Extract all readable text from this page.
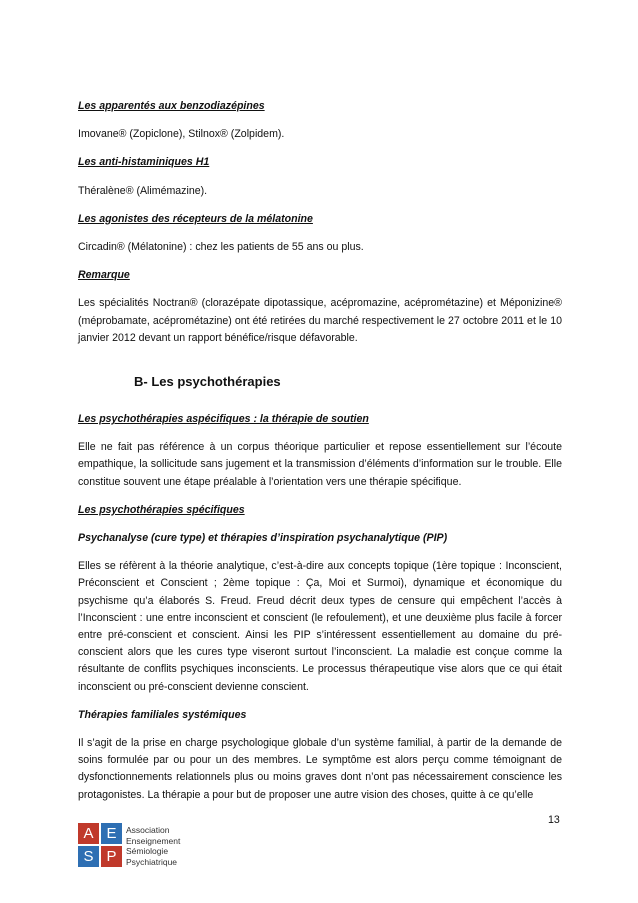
Les apparentés aux benzodiazépines
Imovane® (Zopiclone), Stilnox® (Zolpidem).
Les anti-histaminiques H1
Théralène® (Alimémazine).
Les agonistes des récepteurs de la mélatonine
Circadin® (Mélatonine) : chez les patients de 55 ans ou plus.
Remarque
Les spécialités Noctran® (clorazépate dipotassique, acépromazine, acéprométazine) et Méponizine® (méprobamate, acéprométazine) ont été retirées du marché respectivement le 27 octobre 2011 et le 10 janvier 2012 devant un rapport bénéfice/risque défavorable.
B- Les psychothérapies
Les psychothérapies aspécifiques : la thérapie de soutien
Elle ne fait pas référence à un corpus théorique particulier et repose essentiellement sur l’écoute empathique, la sollicitude sans jugement et la transmission d’éléments d’information sur le trouble. Elle constitue souvent une étape préalable à l’orientation vers une thérapie spécifique.
Les psychothérapies spécifiques
Psychanalyse (cure type) et thérapies d’inspiration psychanalytique (PIP)
Elles se réfèrent à la théorie analytique, c’est-à-dire aux concepts topique (1ère topique : Inconscient, Préconscient et Conscient ; 2ème topique : Ça, Moi et Surmoi), dynamique et économique du psychisme qu’a élaborés S. Freud. Freud décrit deux types de censure qui empêchent l’accès à l’Inconscient : une entre inconscient et conscient (le refoulement), et une deuxième plus facile à forcer entre pré-conscient et conscient. Ainsi les PIP s’intéressent essentiellement au domaine du pré-conscient alors que les cures type viseront surtout l’inconscient. La maladie est conçue comme la résultante de conflits psychiques inconscients. Le processus thérapeutique vise alors que ce qui était inconscient ou pré-conscient devienne conscient.
Thérapies familiales systémiques
Il s’agit de la prise en charge psychologique globale d’un système familial, à partir de la demande de soins formulée par ou pour un des membres. Le symptôme est alors perçu comme témoignant de dysfonctionnements relationnels plus ou moins graves dont n’ont pas nécessairement conscience les protagonistes. La thérapie a pour but de proposer une autre vision des choses, quitte à ce qu’elle
13
A E
S P
Association
Enseignement
Sémiologie
Psychiatrique
